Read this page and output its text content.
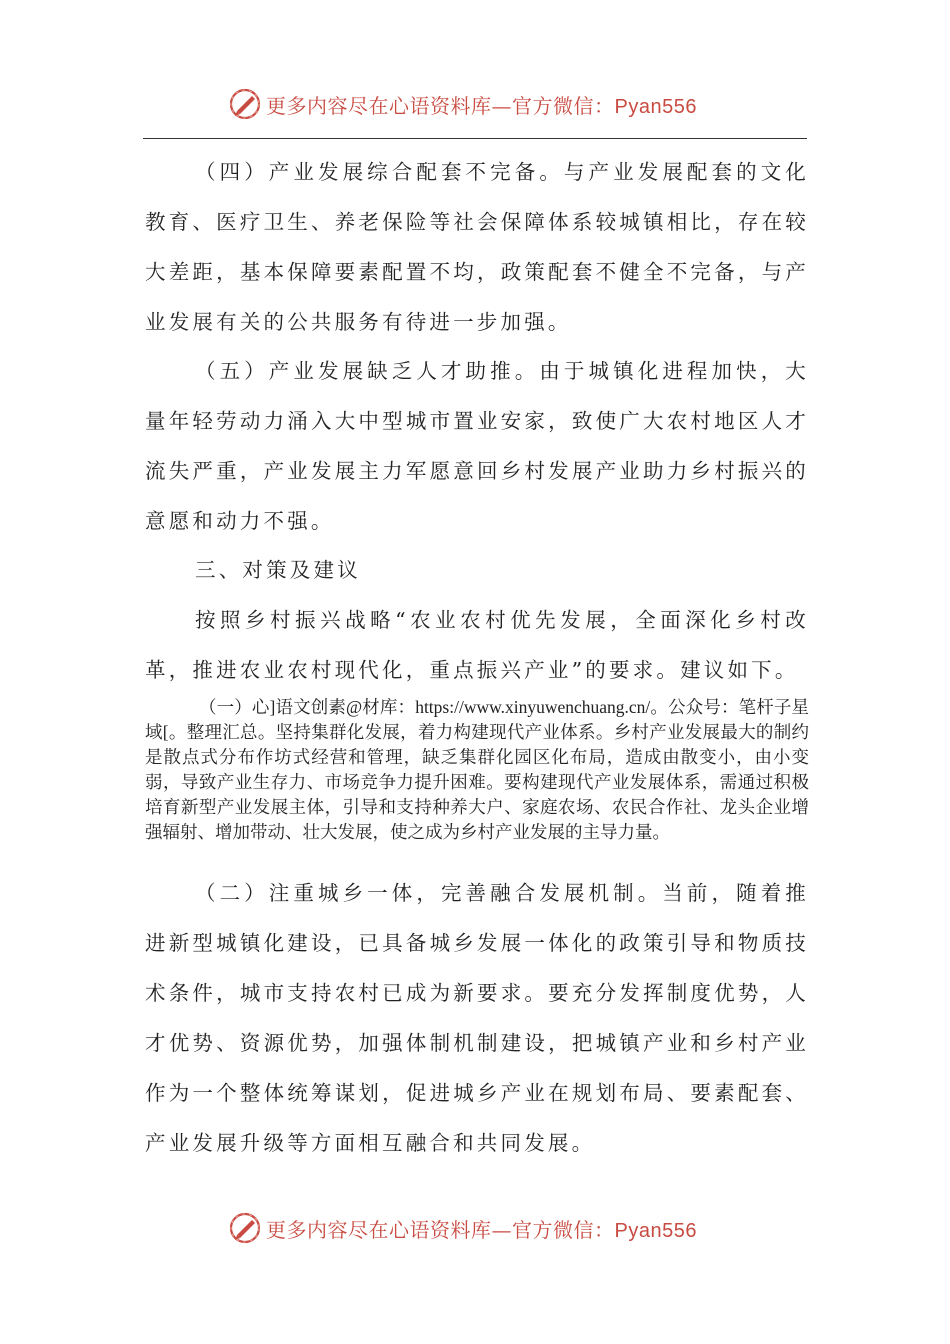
更多内容尽在心语资料库—官方微信：Pyan556

（四）产业发展综合配套不完备。与产业发展配套的文化教育、医疗卫生、养老保险等社会保障体系较城镇相比，存在较大差距，基本保障要素配置不均，政策配套不健全不完备，与产业发展有关的公共服务有待进一步加强。

（五）产业发展缺乏人才助推。由于城镇化进程加快，大量年轻劳动力涌入大中型城市置业安家，致使广大农村地区人才流失严重，产业发展主力军愿意回乡村发展产业助力乡村振兴的意愿和动力不强。

三、对策及建议

按照乡村振兴战略“农业农村优先发展，全面深化乡村改革，推进农业农村现代化，重点振兴产业”的要求。建议如下。

（一）心]语文创素@材库：https://www.xinyuwenchuang.cn/。公众号：笔杆子星域[。整理汇总。坚持集群化发展，着力构建现代产业体系。乡村产业发展最大的制约是散点式分布作坊式经营和管理，缺乏集群化园区化布局，造成由散变小，由小变弱，导致产业生存力、市场竞争力提升困难。要构建现代产业发展体系，需通过积极培育新型产业发展主体，引导和支持种养大户、家庭农场、农民合作社、龙头企业增强辐射、增加带动、壮大发展，使之成为乡村产业发展的主导力量。

（二）注重城乡一体，完善融合发展机制。当前，随着推进新型城镇化建设，已具备城乡发展一体化的政策引导和物质技术条件，城市支持农村已成为新要求。要充分发挥制度优势，人才优势、资源优势，加强体制机制建设，把城镇产业和乡村产业作为一个整体统筹谋划，促进城乡产业在规划布局、要素配套、产业发展升级等方面相互融合和共同发展。

更多内容尽在心语资料库—官方微信：Pyan556
